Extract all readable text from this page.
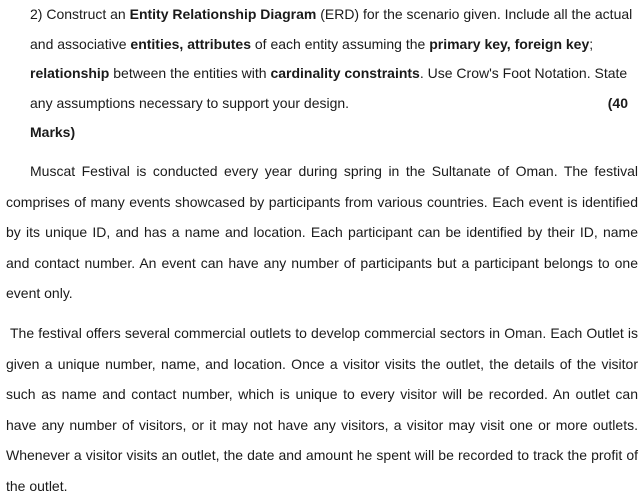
2) Construct an Entity Relationship Diagram (ERD) for the scenario given. Include all the actual and associative entities, attributes of each entity assuming the primary key, foreign key; relationship between the entities with cardinality constraints. Use Crow's Foot Notation. State any assumptions necessary to support your design.	(40
Marks)
Muscat Festival is conducted every year during spring in the Sultanate of Oman. The festival comprises of many events showcased by participants from various countries. Each event is identified by its unique ID, and has a name and location. Each participant can be identified by their ID, name and contact number. An event can have any number of participants but a participant belongs to one event only.
The festival offers several commercial outlets to develop commercial sectors in Oman. Each Outlet is given a unique number, name, and location. Once a visitor visits the outlet, the details of the visitor such as name and contact number, which is unique to every visitor will be recorded. An outlet can have any number of visitors, or it may not have any visitors, a visitor may visit one or more outlets. Whenever a visitor visits an outlet, the date and amount he spent will be recorded to track the profit of the outlet.
